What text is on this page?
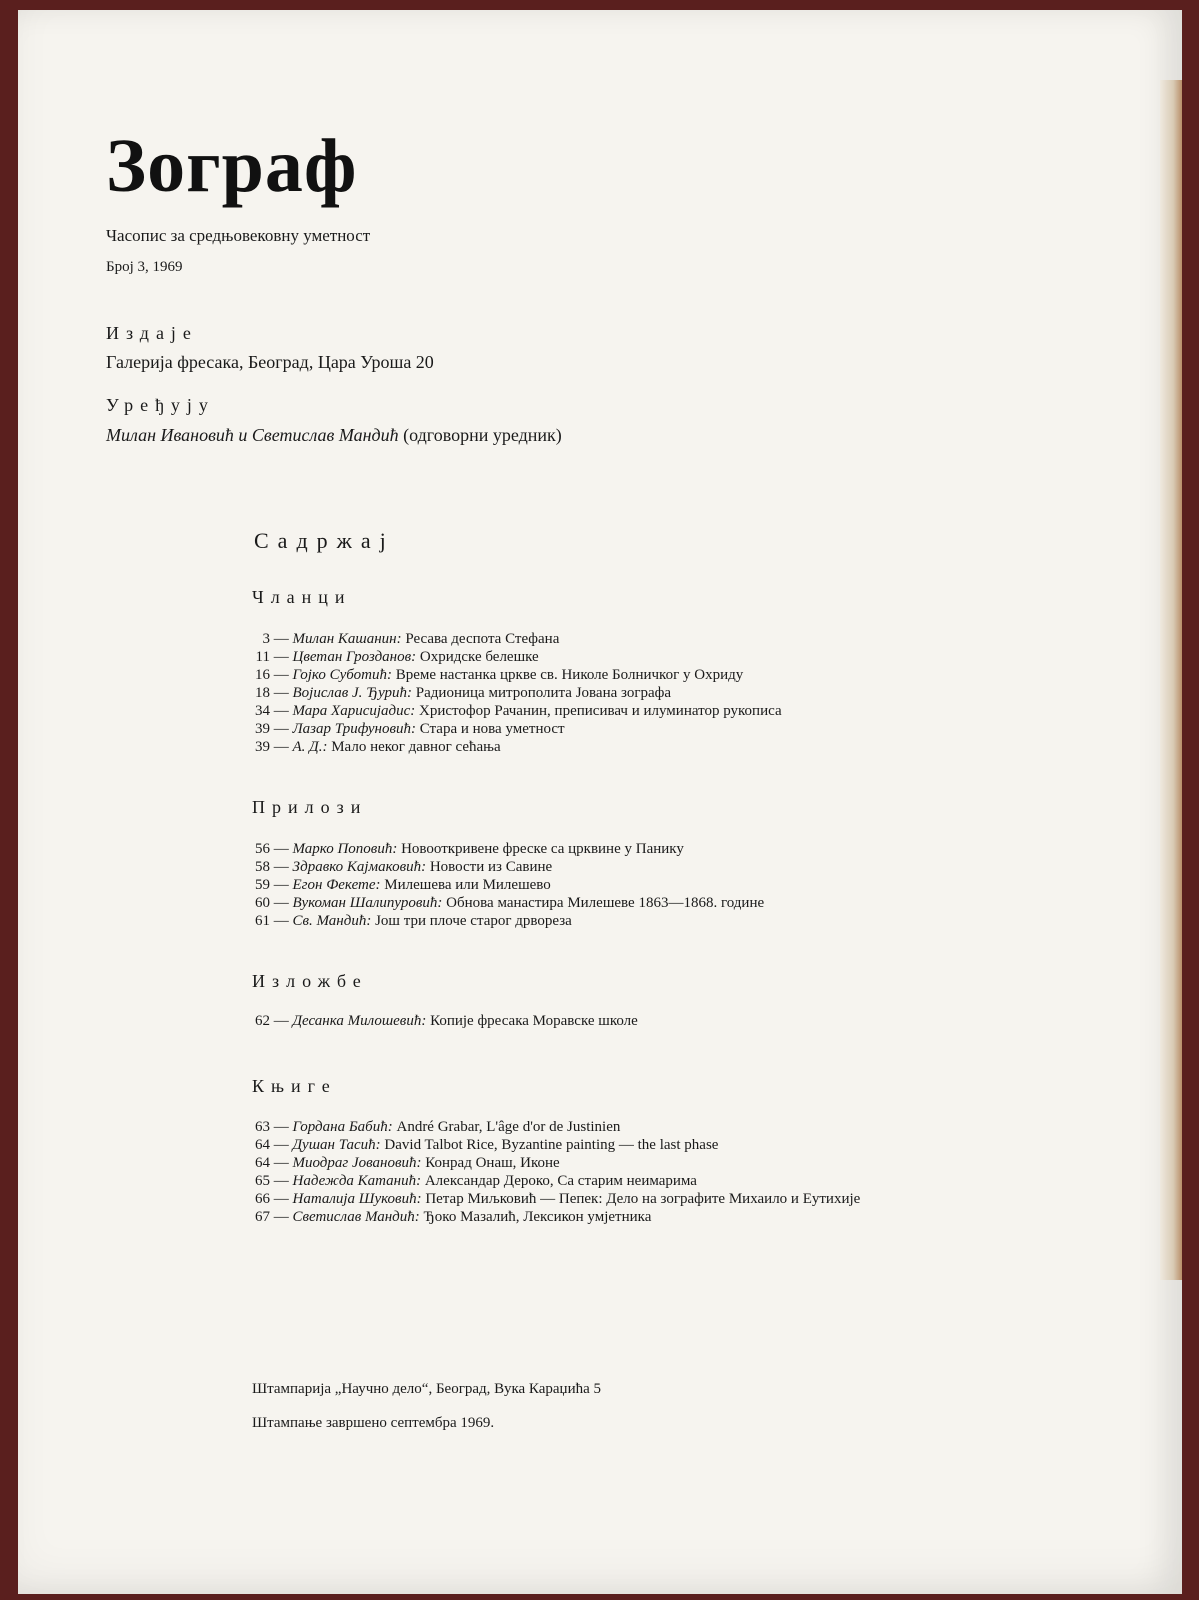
Зограф
Часопис за средњовековну уметност
Број 3, 1969
Издаје
Галерија фресака, Београд, Цара Уроша 20
Уређују
Милан Ивановић и Светислав Мандић (одговорни уредник)
Садржај
Чланци
3 — Милан Кашанин: Ресава деспота Стефана
11 — Цветан Грозданов: Охридске белешке
16 — Гојко Суботић: Време настанка цркве св. Николе Болничког у Охриду
18 — Војислав Ј. Ђурић: Радионица митрополита Јована зографа
34 — Мара Харисијадис: Христофор Рачанин, преписивач и илуминатор рукописа
39 — Лазар Трифуновић: Стара и нова уметност
39 — А. Д.: Мало неког давног сећања
Прилози
56 — Марко Поповић: Новооткривене фреске са црквине у Панику
58 — Здравко Кајмаковић: Новости из Савине
59 — Егон Фекете: Милешева или Милешево
60 — Вукоман Шалипуровић: Обнова манастира Милешеве 1863—1868. године
61 — Св. Мандић: Још три плоче старог дрвореза
Изложбе
62 — Десанка Милошевић: Копије фресака Моравске школе
Књиге
63 — Гордана Бабић: André Grabar, L'âge d'or de Justinien
64 — Душан Тасић: David Talbot Rice, Byzantine painting — the last phase
64 — Миодраг Јовановић: Конрад Онаш, Иконе
65 — Надежда Катанић: Александар Дероко, Са старим неимарима
66 — Наталија Шуковић: Петар Миљковић — Пепек: Дело на зографите Михаило и Еутихије
67 — Светислав Мандић: Ђоко Мазалић, Лексикон умјетника
Штампарија „Научно дело“, Београд, Вука Караџића 5
Штампање завршено септембра 1969.
